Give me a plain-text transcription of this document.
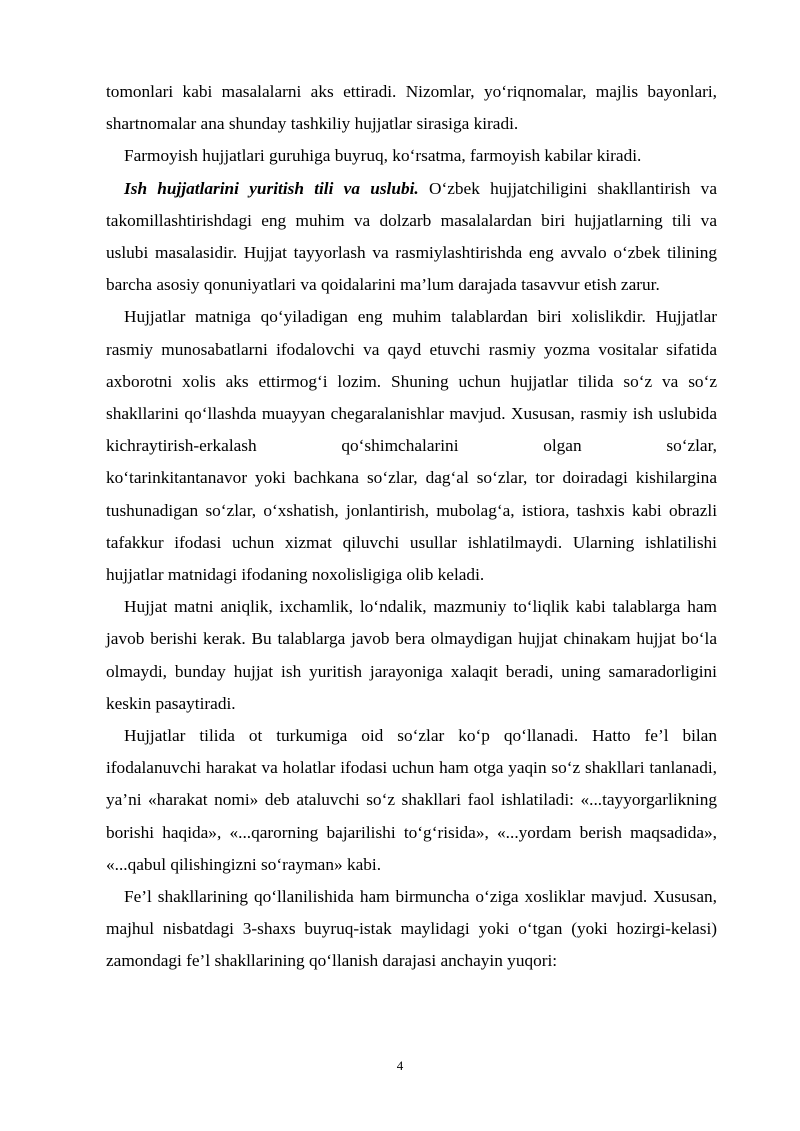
tomonlari kabi masalalarni aks ettiradi. Nizomlar, yo‘riqnomalar, majlis bayonlari, shartnomalar ana shunday tashkiliy hujjatlar sirasiga kiradi.

Farmoyish hujjatlari guruhiga buyruq, ko‘rsatma, farmoyish kabilar kiradi.

Ish hujjatlarini yuritish tili va uslubi. O‘zbek hujjatchiligini shakllantirish va takomillashtirishdagi eng muhim va dolzarb masalalardan biri hujjatlarning tili va uslubi masalasidir. Hujjat tayyorlash va rasmiylashtirishda eng avvalo o‘zbek tilining barcha asosiy qonuniyatlari va qoidalarini ma’lum darajada tasavvur etish zarur.

Hujjatlar matniga qo‘yiladigan eng muhim talablardan biri xolislikdir. Hujjatlar rasmiy munosabatlarni ifodalovchi va qayd etuvchi rasmiy yozma vositalar sifatida axborotni xolis aks ettirmog‘i lozim. Shuning uchun hujjatlar tilida so‘z va so‘z shakllarini qo‘llashda muayyan chegaralanishlar mavjud. Xususan, rasmiy ish uslubida kichraytirish-erkalash qo‘shimchalarini olgan so‘zlar,

ko‘tarinkitantanavor yoki bachkana so‘zlar, dag‘al so‘zlar, tor doiradagi kishilargina tushunadigan so‘zlar, o‘xshatish, jonlantirish, mubolag‘a, istiora, tashxis kabi obrazli tafakkur ifodasi uchun xizmat qiluvchi usullar ishlatilmaydi. Ularning ishlatilishi hujjatlar matnidagi ifodaning noxolisligiga olib keladi.

Hujjat matni aniqlik, ixchamlik, lo‘ndalik, mazmuniy to‘liqlik kabi talablarga ham javob berishi kerak. Bu talablarga javob bera olmaydigan hujjat chinakam hujjat bo‘la olmaydi, bunday hujjat ish yuritish jarayoniga xalaqit beradi, uning samaradorligini keskin pasaytiradi.

Hujjatlar tilida ot turkumiga oid so‘zlar ko‘p qo‘llanadi. Hatto fe’l bilan ifodalanuvchi harakat va holatlar ifodasi uchun ham otga yaqin so‘z shakllari tanlanadi, ya’ni «harakat nomi» deb ataluvchi so‘z shakllari faol ishlatiladi: «...tayyorgarlikning borishi haqida», «...qarorning bajarilishi to‘g‘risida», «...yordam berish maqsadida», «...qabul qilishingizni so‘rayman» kabi.

Fe’l shakllarining qo‘llanilishida ham birmuncha o‘ziga xosliklar mavjud. Xususan, majhul nisbatdagi 3-shaxs buyruq-istak maylidagi yoki o‘tgan (yoki hozirgi-kelasi) zamondagi fe’l shakllarining qo‘llanish darajasi anchayin yuqori:

4
